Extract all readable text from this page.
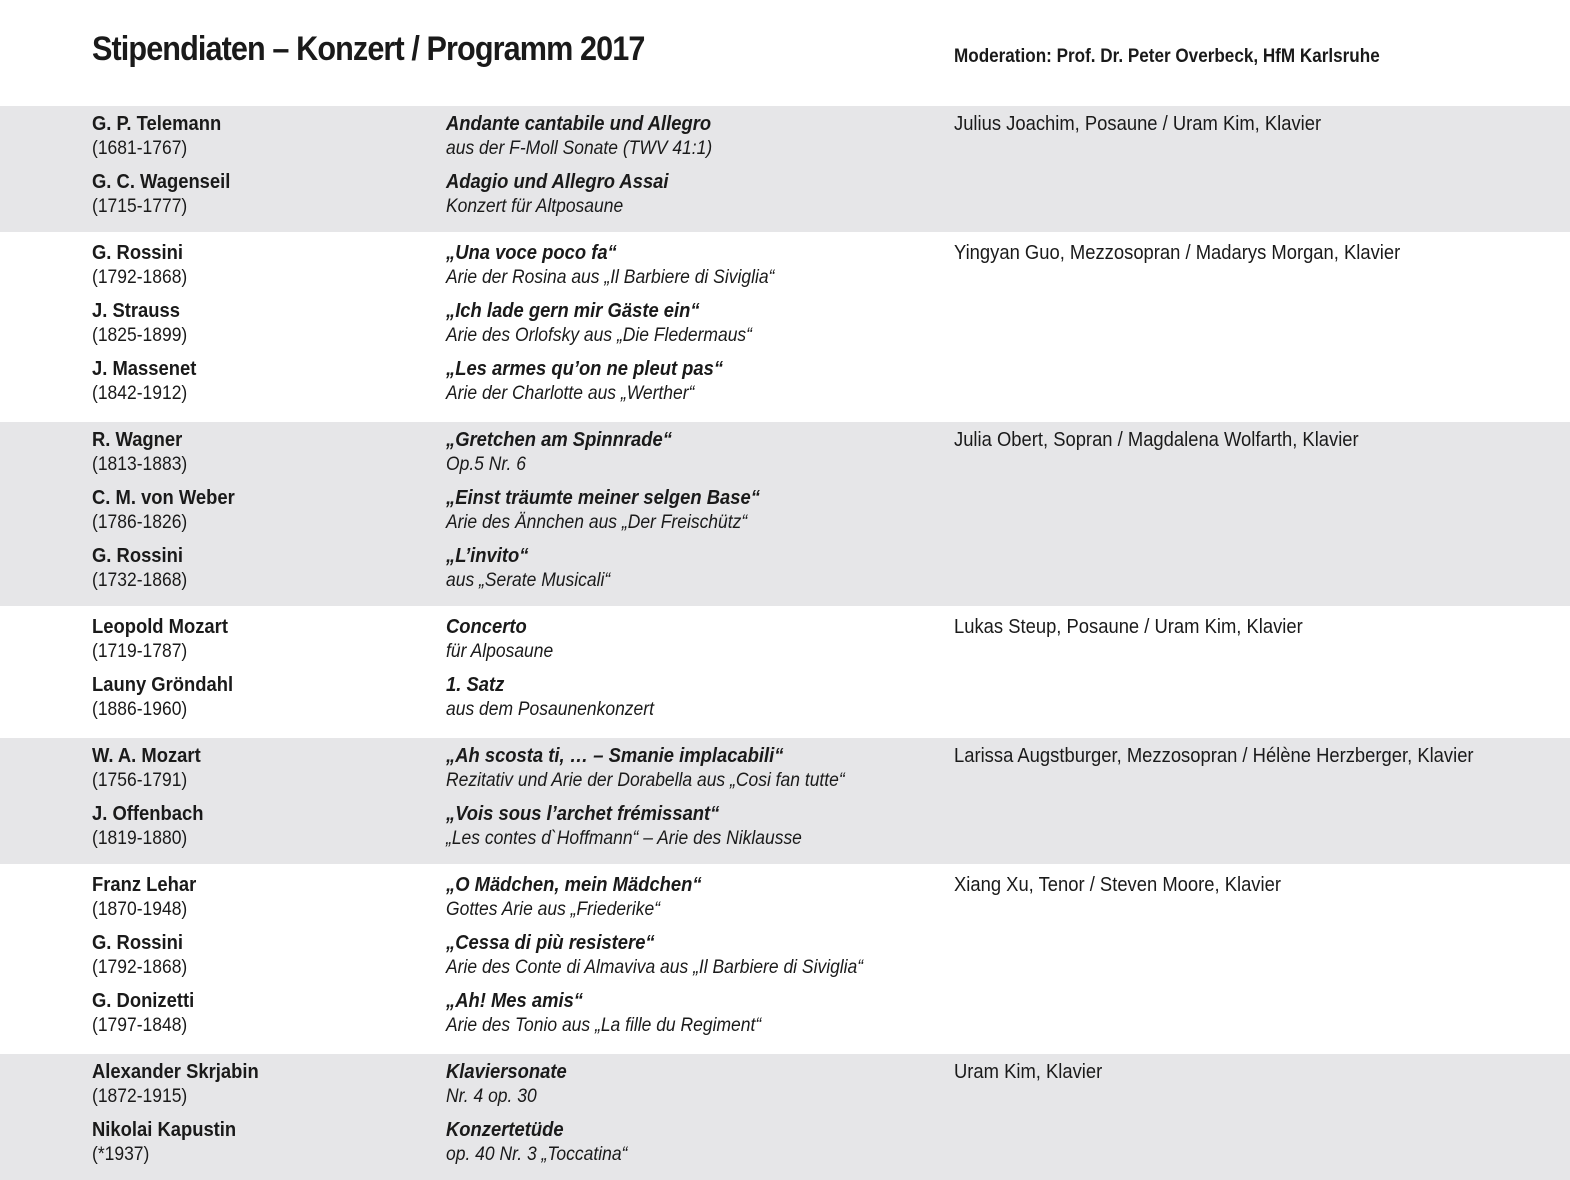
Stipendiaten – Konzert / Programm 2017	Moderation: Prof. Dr. Peter Overbeck, HfM Karlsruhe
Julius Joachim, Posaune / Uram Kim, Klavier
G. P. Telemann
(1681-1767)
Andante cantabile und Allegro
aus der F-Moll Sonate (TWV 41:1)
G. C. Wagenseil
(1715-1777)
Adagio und Allegro Assai
Konzert für Altposaune
Yingyan Guo, Mezzosopran / Madarys Morgan, Klavier
G. Rossini
(1792-1868)
„Una voce poco fa“
Arie der Rosina aus „Il Barbiere di Siviglia“
J. Strauss
(1825-1899)
„Ich lade gern mir Gäste ein“
Arie des Orlofsky aus „Die Fledermaus“
J. Massenet
(1842-1912)
„Les armes qu’on ne pleut pas“
Arie der Charlotte aus „Werther“
Julia Obert, Sopran / Magdalena Wolfarth, Klavier
R. Wagner
(1813-1883)
„Gretchen am Spinnrade“
Op.5 Nr. 6
C. M. von Weber
(1786-1826)
„Einst träumte meiner selgen Base“
Arie des Ännchen aus „Der Freischütz“
G. Rossini
(1732-1868)
„L’invito“
aus „Serate Musicali“
Lukas Steup, Posaune / Uram Kim, Klavier
Leopold Mozart
(1719-1787)
Concerto
für Alposaune
Launy Gröndahl
(1886-1960)
1. Satz
aus dem Posaunenkonzert
Larissa Augstburger, Mezzosopran / Hélène Herzberger, Klavier
W. A. Mozart
(1756-1791)
„Ah scosta ti, … – Smanie implacabili“
Rezitativ und Arie der Dorabella aus „Cosi fan tutte“
J. Offenbach
(1819-1880)
„Vois sous l’archet frémissant“
„Les contes d`Hoffmann“ – Arie des Niklausse
Xiang Xu, Tenor / Steven Moore, Klavier
Franz Lehar
(1870-1948)
„O Mädchen, mein Mädchen“
Gottes Arie aus „Friederike“
G. Rossini
(1792-1868)
„Cessa di più resistere“
Arie des Conte di Almaviva aus „Il Barbiere di Siviglia“
G. Donizetti
(1797-1848)
„Ah! Mes amis“
Arie des Tonio aus „La fille du Regiment“
Uram Kim, Klavier
Alexander Skrjabin
(1872-1915)
Klaviersonate
Nr. 4 op. 30
Nikolai Kapustin
(*1937)
Konzertetüde
op. 40 Nr. 3 „Toccatina“
